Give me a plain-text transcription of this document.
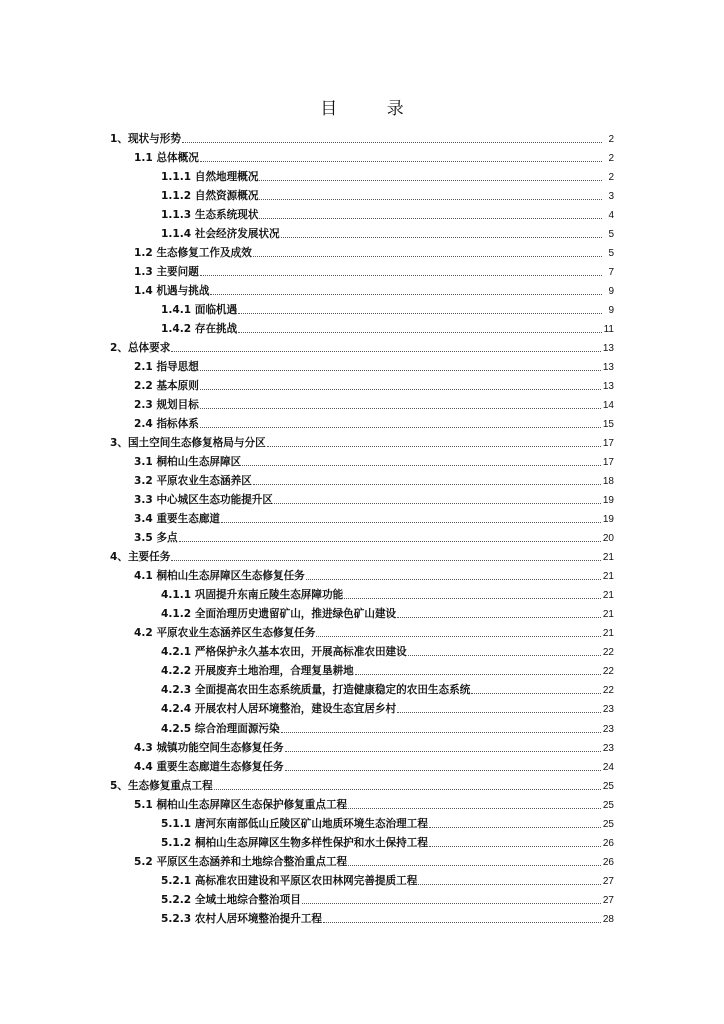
目 录
1、现状与形势	2
1.1 总体概况	2
1.1.1 自然地理概况	2
1.1.2 自然资源概况	3
1.1.3 生态系统现状	4
1.1.4 社会经济发展状况	5
1.2 生态修复工作及成效	5
1.3 主要问题	7
1.4 机遇与挑战	9
1.4.1 面临机遇	9
1.4.2 存在挑战	11
2、总体要求	13
2.1 指导思想	13
2.2 基本原则	13
2.3 规划目标	14
2.4 指标体系	15
3、国土空间生态修复格局与分区	17
3.1 桐柏山生态屏障区	17
3.2 平原农业生态涵养区	18
3.3 中心城区生态功能提升区	19
3.4 重要生态廊道	19
3.5 多点	20
4、主要任务	21
4.1 桐柏山生态屏障区生态修复任务	21
4.1.1 巩固提升东南丘陵生态屏障功能	21
4.1.2 全面治理历史遗留矿山，推进绿色矿山建设	21
4.2 平原农业生态涵养区生态修复任务	21
4.2.1 严格保护永久基本农田，开展高标准农田建设	22
4.2.2 开展废弃土地治理，合理复垦耕地	22
4.2.3 全面提高农田生态系统质量，打造健康稳定的农田生态系统	22
4.2.4 开展农村人居环境整治，建设生态宜居乡村	23
4.2.5 综合治理面源污染	23
4.3 城镇功能空间生态修复任务	23
4.4 重要生态廊道生态修复任务	24
5、生态修复重点工程	25
5.1 桐柏山生态屏障区生态保护修复重点工程	25
5.1.1 唐河东南部低山丘陵区矿山地质环境生态治理工程	25
5.1.2 桐柏山生态屏障区生物多样性保护和水土保持工程	26
5.2 平原区生态涵养和土地综合整治重点工程	26
5.2.1 高标准农田建设和平原区农田林网完善提质工程	27
5.2.2 全域土地综合整治项目	27
5.2.3 农村人居环境整治提升工程	28
